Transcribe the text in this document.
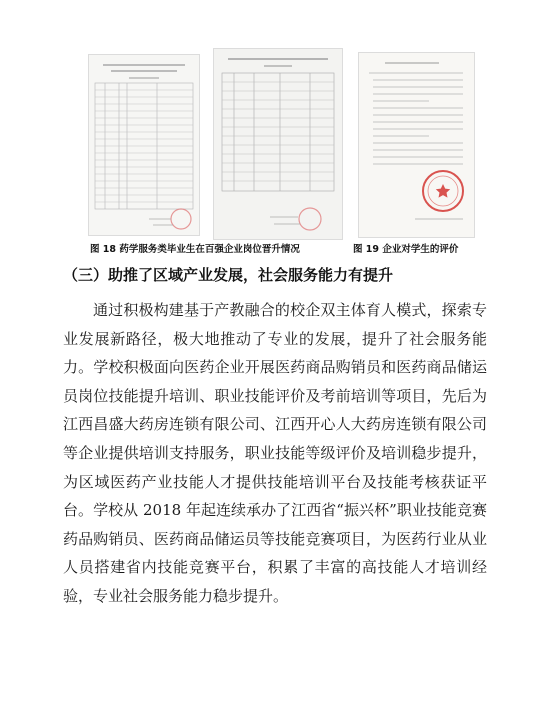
图 18 药学服务类毕业生在百强企业岗位晋升情况	图 19 企业对学生的评价
（三）助推了区域产业发展，社会服务能力有提升

通过积极构建基于产教融合的校企双主体育人模式，探索专业发展新路径，极大地推动了专业的发展，提升了社会服务能力。学校积极面向医药企业开展医药商品购销员和医药商品储运员岗位技能提升培训、职业技能评价及考前培训等项目，先后为江西昌盛大药房连锁有限公司、江西开心人大药房连锁有限公司等企业提供培训支持服务，职业技能等级评价及培训稳步提升，为区域医药产业技能人才提供技能培训平台及技能考核获证平台。学校从 2018 年起连续承办了江西省“振兴杯”职业技能竞赛药品购销员、医药商品储运员等技能竞赛项目，为医药行业从业人员搭建省内技能竞赛平台，积累了丰富的高技能人才培训经验，专业社会服务能力稳步提升。
